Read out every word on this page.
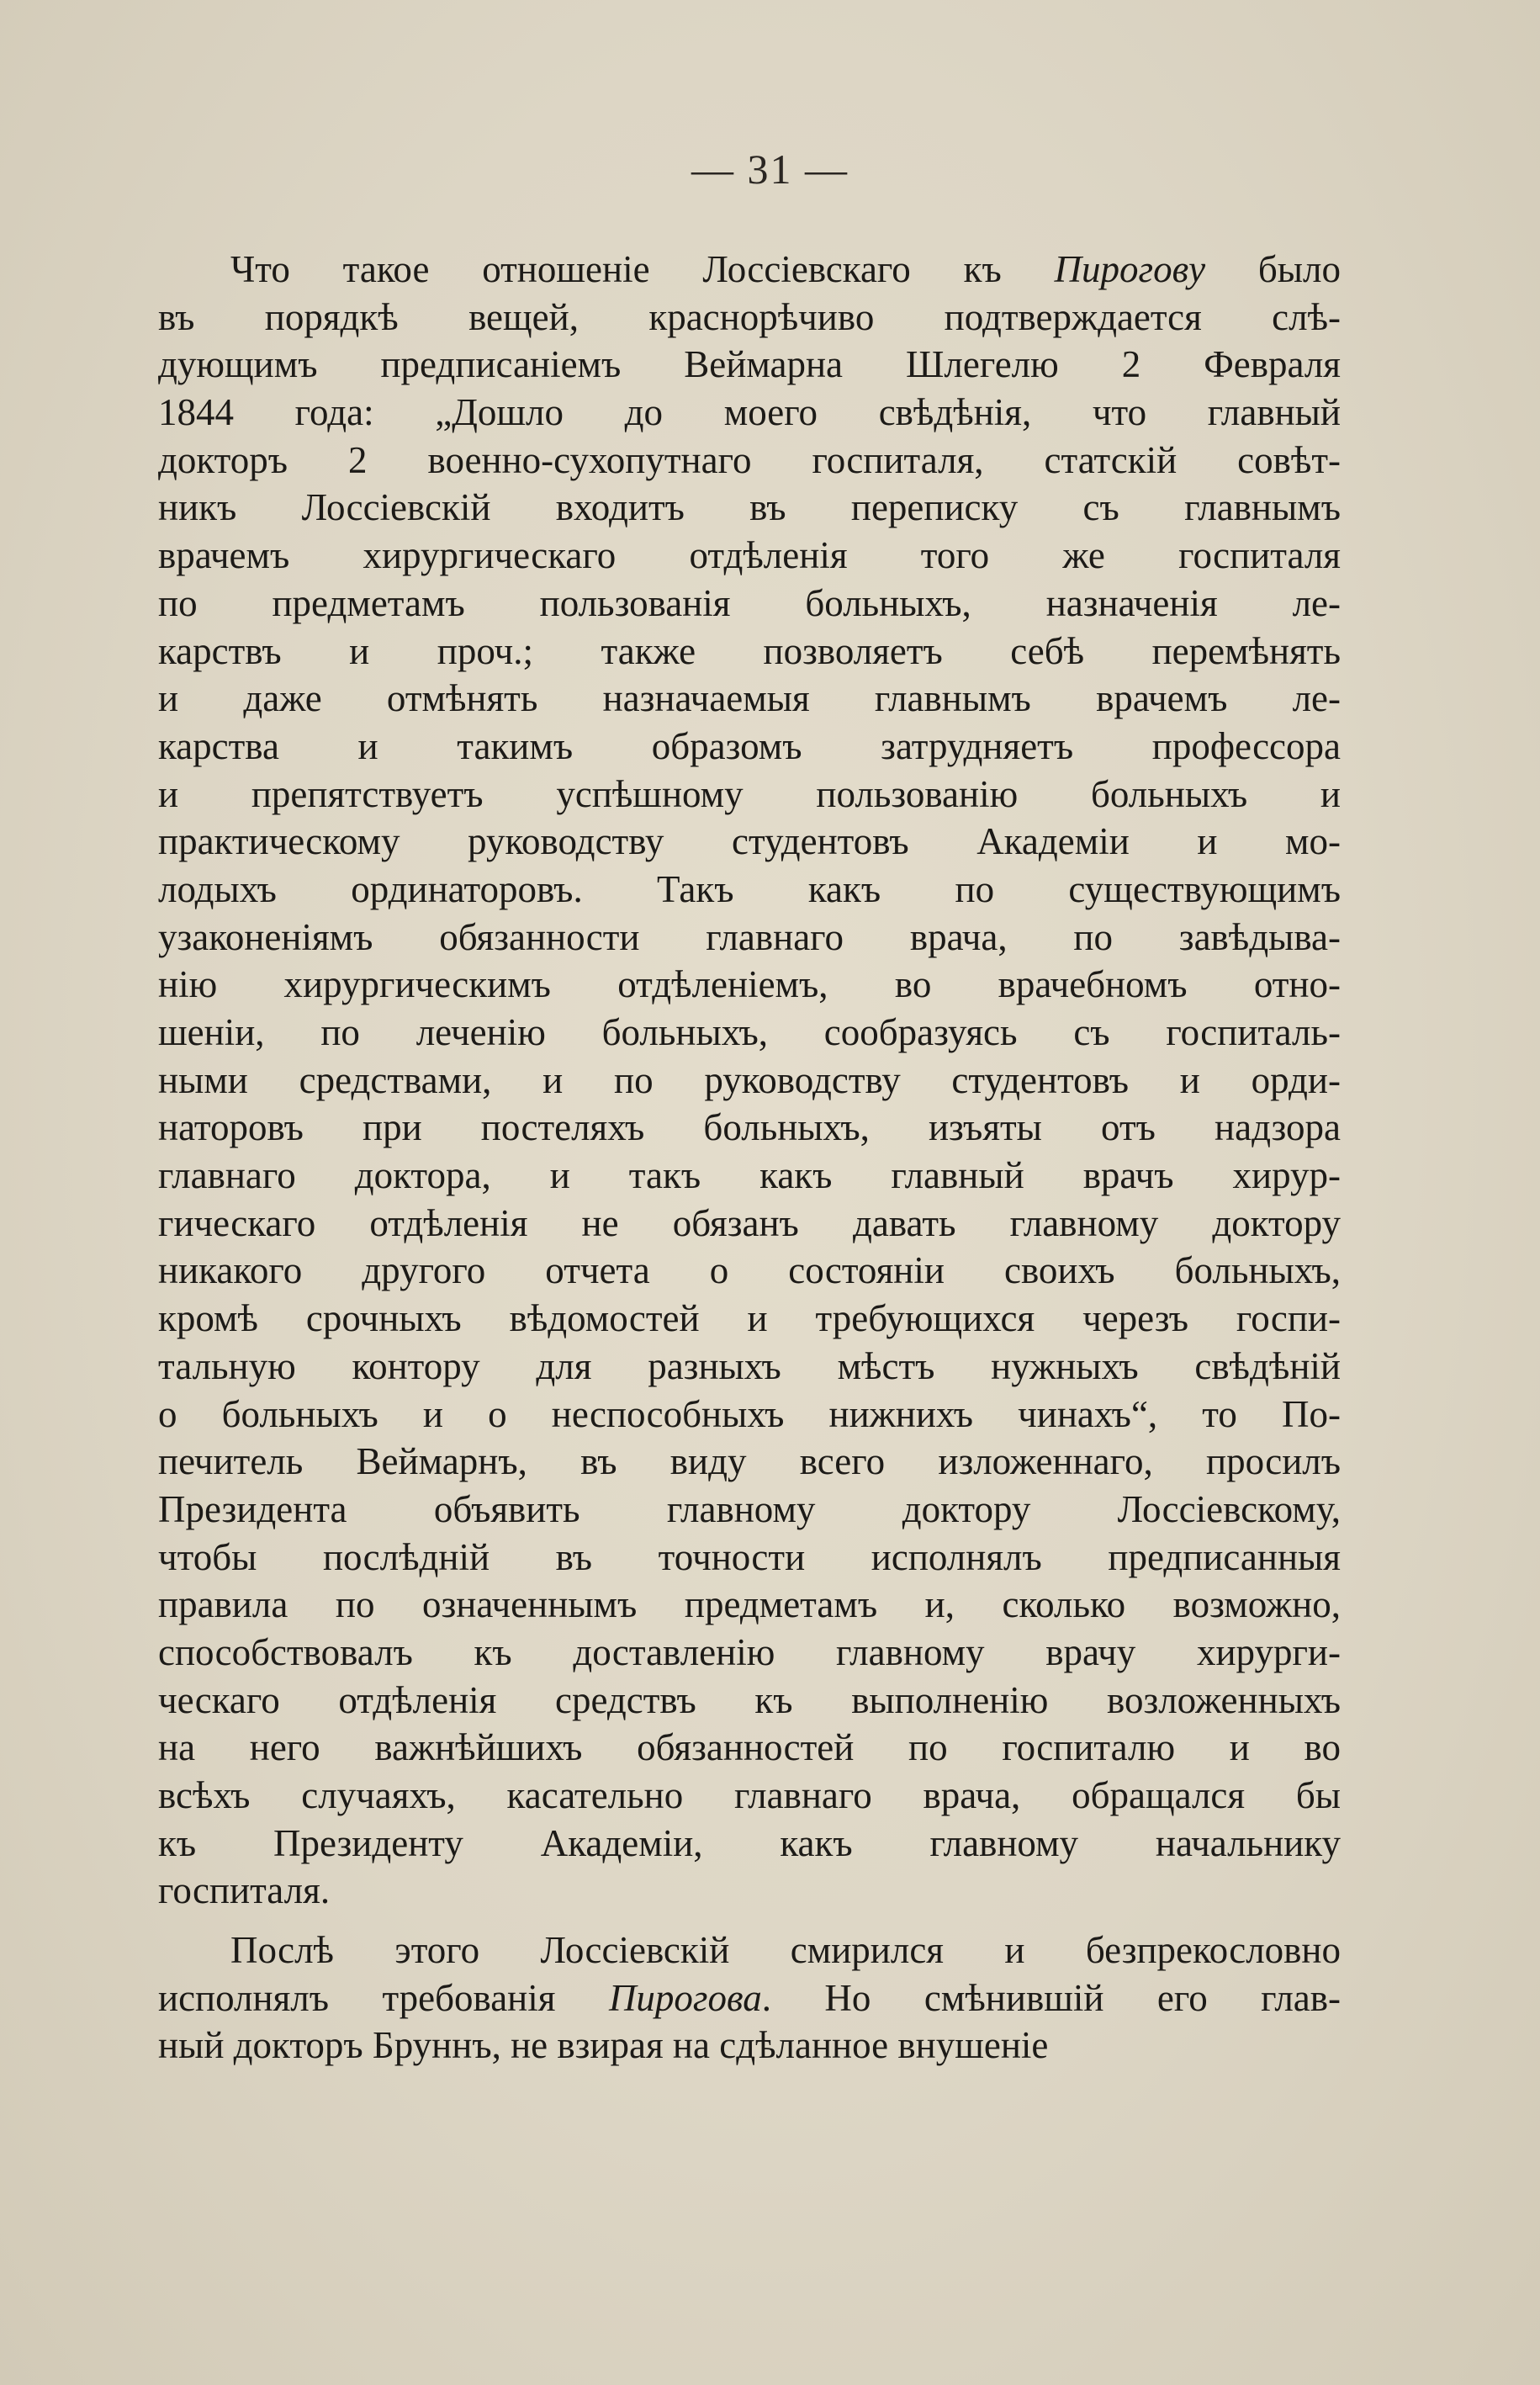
— 31 —
Что такое отношеніе Лоссіевскаго къ Пирогову было
въ порядкѣ вещей, краснорѣчиво подтверждается слѣ-
дующимъ предписаніемъ Веймарна Шлегелю 2 Февраля
1844 года: „Дошло до моего свѣдѣнія, что главный
докторъ 2 военно-сухопутнаго госпиталя, статскій совѣт-
никъ Лоссіевскій входитъ въ переписку съ главнымъ
врачемъ хирургическаго отдѣленія того же госпиталя
по предметамъ пользованія больныхъ, назначенія ле-
карствъ и проч.; также позволяетъ себѣ перемѣнять
и даже отмѣнять назначаемыя главнымъ врачемъ ле-
карства и такимъ образомъ затрудняетъ профессора
и препятствуетъ успѣшному пользованію больныхъ и
практическому руководству студентовъ Академіи и мо-
лодыхъ ординаторовъ. Такъ какъ по существующимъ
узаконеніямъ обязанности главнаго врача, по завѣдыва-
нію хирургическимъ отдѣленіемъ, во врачебномъ отно-
шеніи, по леченію больныхъ, сообразуясь съ госпиталь-
ными средствами, и по руководству студентовъ и орди-
наторовъ при постеляхъ больныхъ, изъяты отъ надзора
главнаго доктора, и такъ какъ главный врачъ хирур-
гическаго отдѣленія не обязанъ давать главному доктору
никакого другого отчета о состояніи своихъ больныхъ,
кромѣ срочныхъ вѣдомостей и требующихся черезъ госпи-
тальную контору для разныхъ мѣстъ нужныхъ свѣдѣній
о больныхъ и о неспособныхъ нижнихъ чинахъ“, то По-
печитель Веймарнъ, въ виду всего изложеннаго, просилъ
Президента объявить главному доктору Лоссіевскому,
чтобы послѣдній въ точности исполнялъ предписанныя
правила по означеннымъ предметамъ и, сколько возможно,
способствовалъ къ доставленію главному врачу хирурги-
ческаго отдѣленія средствъ къ выполненію возложенныхъ
на него важнѣйшихъ обязанностей по госпиталю и во
всѣхъ случаяхъ, касательно главнаго врача, обращался бы
къ Президенту Академіи, какъ главному начальнику
госпиталя.
Послѣ этого Лоссіевскій смирился и безпрекословно
исполнялъ требованія Пирогова. Но смѣнившій его глав-
ный докторъ Бруннъ, не взирая на сдѣланное внушеніе
